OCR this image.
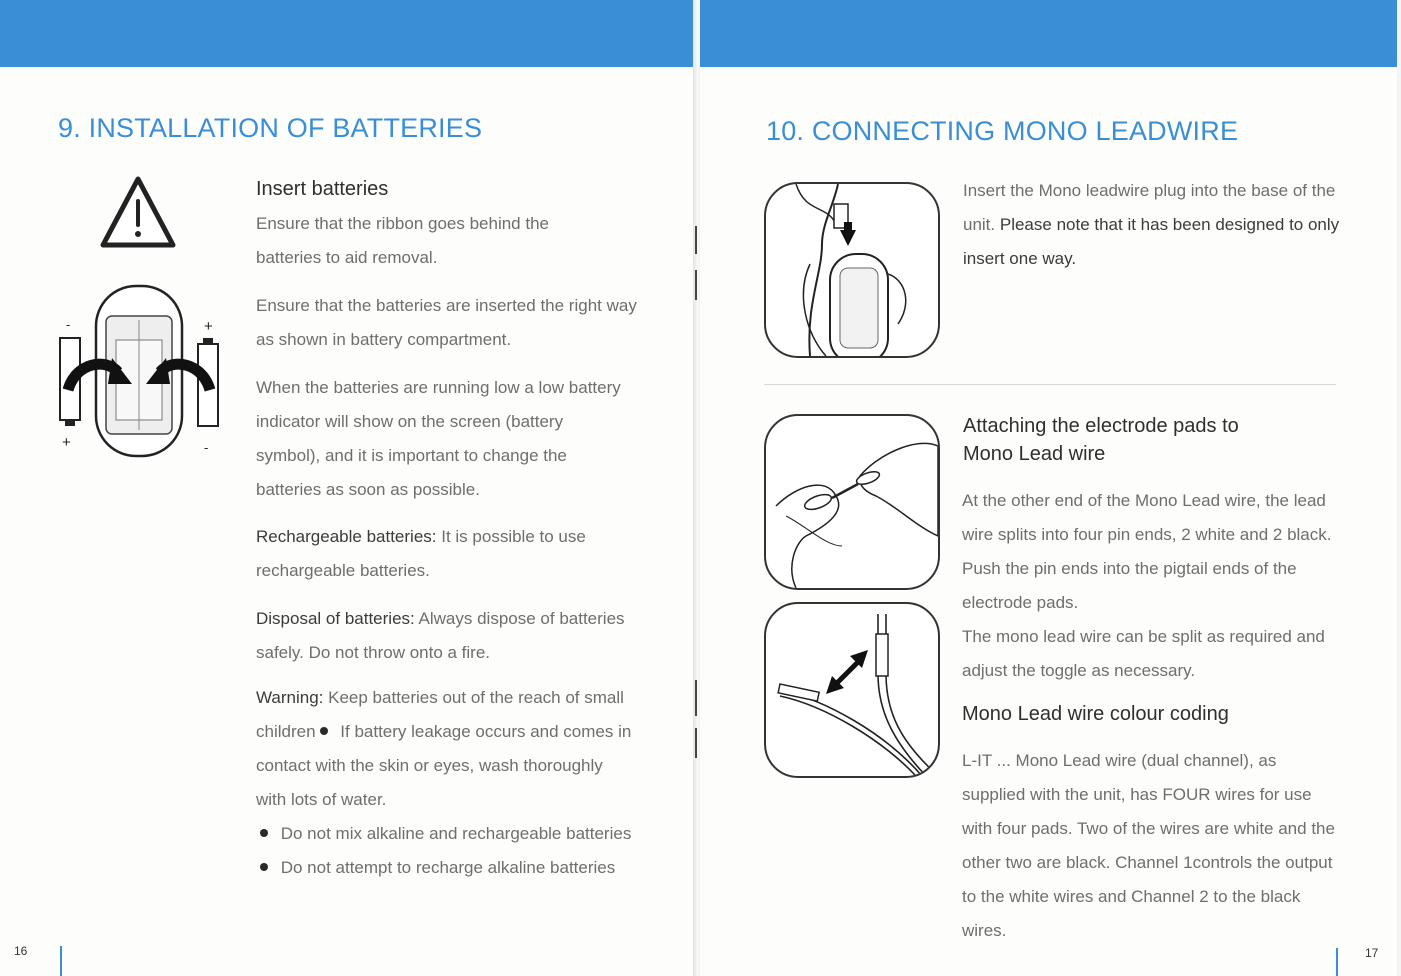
9. INSTALLATION OF BATTERIES
-	+
+	-
Insert batteries

Ensure that the ribbon goes behind the batteries to aid removal.

Ensure that the batteries are inserted the right way as shown in battery compartment.

When the batteries are running low a low battery indicator will show on the screen (battery symbol), and it is important to change the batteries as soon as possible.

Rechargeable batteries: It is possible to use rechargeable batteries.

Disposal of batteries: Always dispose of batteries safely. Do not throw onto a fire.

Warning: Keep batteries out of the reach of small children If battery leakage occurs and comes in contact with the skin or eyes, wash thoroughly with lots of water.
Do not mix alkaline and rechargeable batteries Do not attempt to recharge alkaline batteries

16
10. CONNECTING MONO LEADWIRE

Insert the Mono leadwire plug into the base of the unit. Please note that it has been designed to only insert one way.

Attaching the electrode pads to Mono Lead wire

At the other end of the Mono Lead wire, the lead wire splits into four pin ends, 2 white and 2 black. Push the pin ends into the pigtail ends of the electrode pads.

The mono lead wire can be split as required and adjust the toggle as necessary.

Mono Lead wire colour coding

L-IT ... Mono Lead wire (dual channel), as supplied with the unit, has FOUR wires for use with four pads. Two of the wires are white and the other two are black. Channel 1controls the output to the white wires and Channel 2 to the black wires.

17
